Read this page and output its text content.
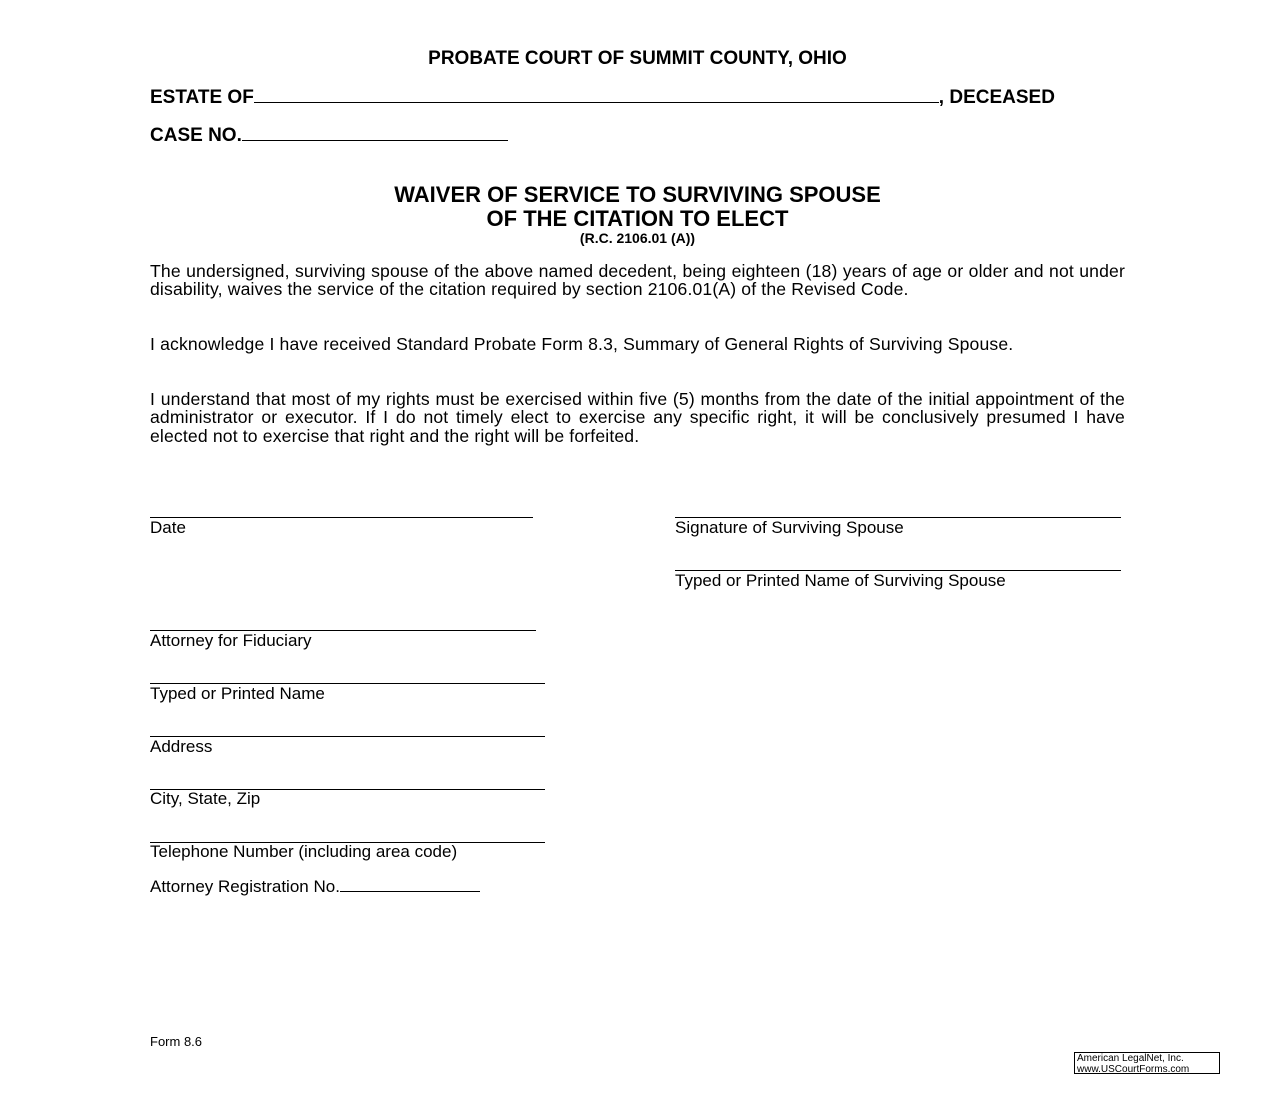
PROBATE COURT OF SUMMIT COUNTY, OHIO
ESTATE OF	, DECEASED
CASE NO.
WAIVER OF SERVICE TO SURVIVING SPOUSE
OF THE CITATION TO ELECT
(R.C. 2106.01 (A))
The undersigned, surviving spouse of the above named decedent, being eighteen (18) years of age or older and not under disability, waives the service of the citation required by section 2106.01(A) of the Revised Code.
I acknowledge I have received Standard Probate Form 8.3, Summary of General Rights of Surviving Spouse.
I understand that most of my rights must be exercised within five (5) months from the date of the initial appointment of the administrator or executor. If I do not timely elect to exercise any specific right, it will be conclusively presumed I have elected not to exercise that right and the right will be forfeited.
Date	Signature of Surviving Spouse
Typed or Printed Name of Surviving Spouse
Attorney for Fiduciary
Typed or Printed Name
Address
City, State, Zip
Telephone Number (including area code)
Attorney Registration No.
Form 8.6
American LegalNet, Inc.
www.USCourtForms.com
